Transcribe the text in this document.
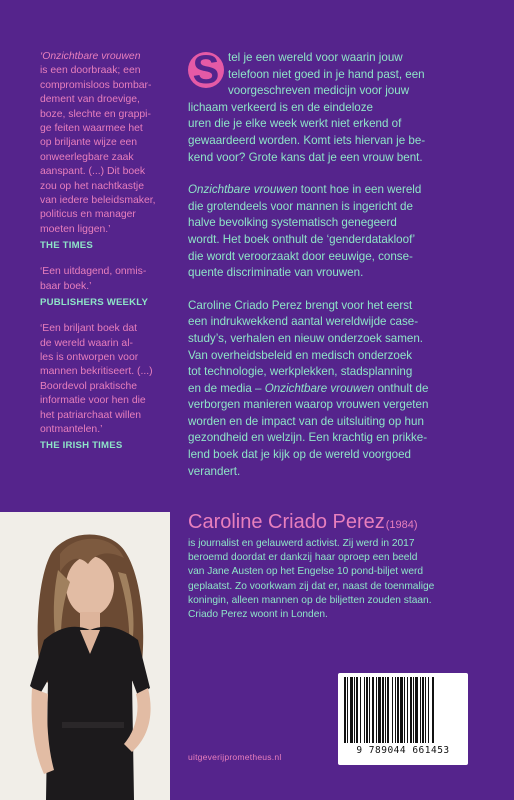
‘Onzichtbare vrouwen
is een doorbraak; een
compromisloos bombar-
dement van droevige,
boze, slechte en grappi-
ge feiten waarmee het
op briljante wijze een
onweerlegbare zaak
aanspant. (...) Dit boek
zou op het nachtkastje
van iedere beleidsmaker,
politicus en manager
moeten liggen.’

THE TIMES

‘Een uitdagend, onmis-
baar boek.’

PUBLISHERS WEEKLY

‘Een briljant boek dat
de wereld waarin al-
les is ontworpen voor
mannen bekritiseert. (...)
Boordevol praktische
informatie voor hen die
het patriarchaat willen
ontmantelen.’

THE IRISH TIMES
S tel je een wereld voor waarin jouw
telefoon niet goed in je hand past, een
voorgeschreven medicijn voor jouw
lichaam verkeerd is en de eindeloze
uren die je elke week werkt niet erkend of
gewaardeerd worden. Komt iets hiervan je be-
kend voor? Grote kans dat je een vrouw bent.

Onzichtbare vrouwen toont hoe in een wereld
die grotendeels voor mannen is ingericht de
halve bevolking systematisch genegeerd
wordt. Het boek onthult de ‘genderdatakloof’
die wordt veroorzaakt door eeuwige, conse-
quente discriminatie van vrouwen.

Caroline Criado Perez brengt voor het eerst
een indrukwekkend aantal wereldwijde case-
study’s, verhalen en nieuw onderzoek samen.
Van overheidsbeleid en medisch onderzoek
tot technologie, werkplekken, stadsplanning
en de media – Onzichtbare vrouwen onthult de
verborgen manieren waarop vrouwen vergeten
worden en de impact van de uitsluiting op hun
gezondheid en welzijn. Een krachtig en prikke-
lend boek dat je kijk op de wereld voorgoed
verandert.

Caroline Criado Perez(1984)

is journalist en gelauwerd activist. Zij werd in 2017
beroemd doordat er dankzij haar oproep een beeld
van Jane Austen op het Engelse 10 pond-biljet werd
geplaatst. Zo voorkwam zij dat er, naast de toenmalige
koningin, alleen mannen op de biljetten zouden staan.
Criado Perez woont in Londen.

9 789044 661453
uitgeverijprometheus.nl
